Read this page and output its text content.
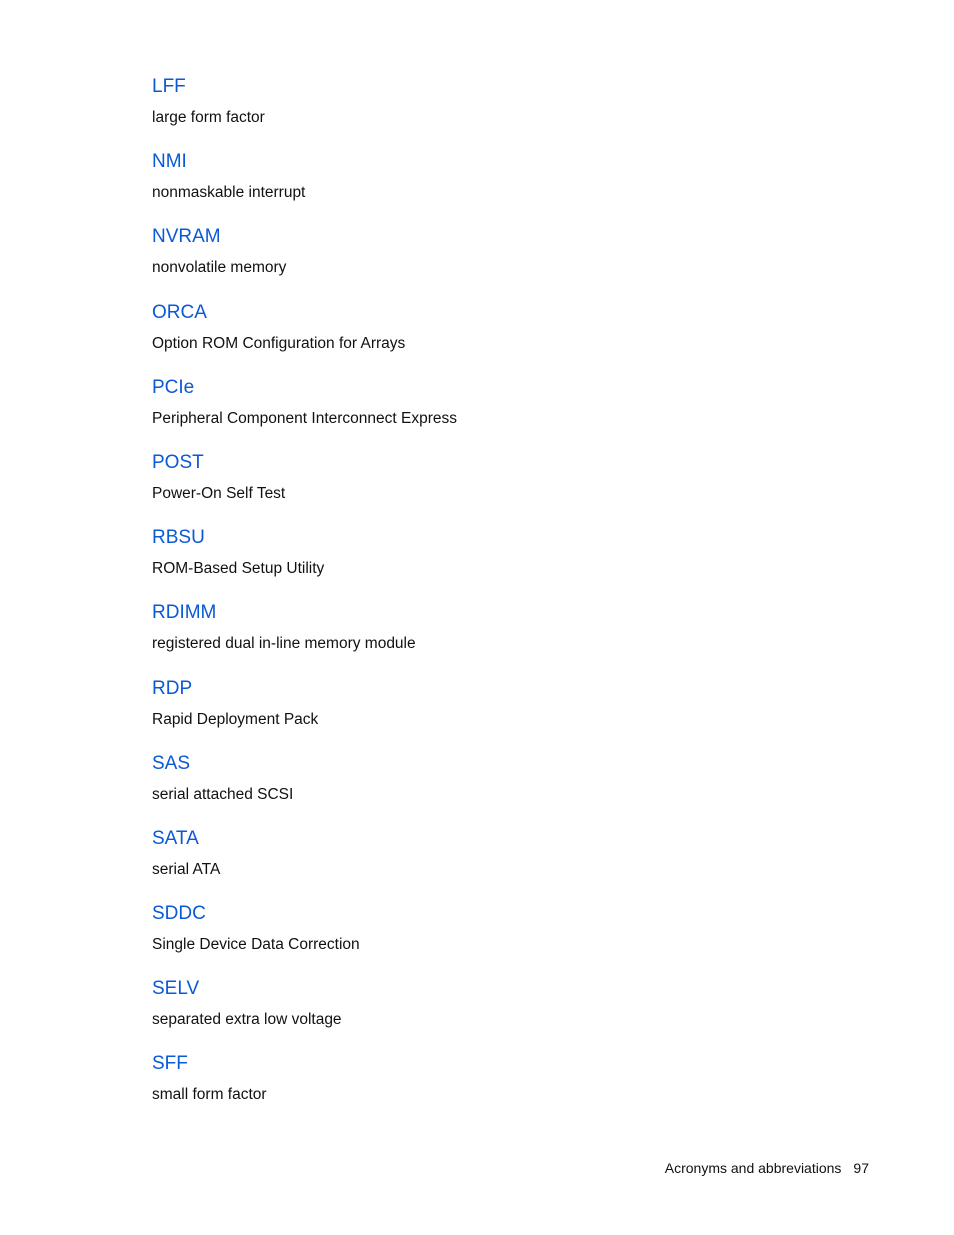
LFF
large form factor
NMI
nonmaskable interrupt
NVRAM
nonvolatile memory
ORCA
Option ROM Configuration for Arrays
PCIe
Peripheral Component Interconnect Express
POST
Power-On Self Test
RBSU
ROM-Based Setup Utility
RDIMM
registered dual in-line memory module
RDP
Rapid Deployment Pack
SAS
serial attached SCSI
SATA
serial ATA
SDDC
Single Device Data Correction
SELV
separated extra low voltage
SFF
small form factor
Acronyms and abbreviations 97
